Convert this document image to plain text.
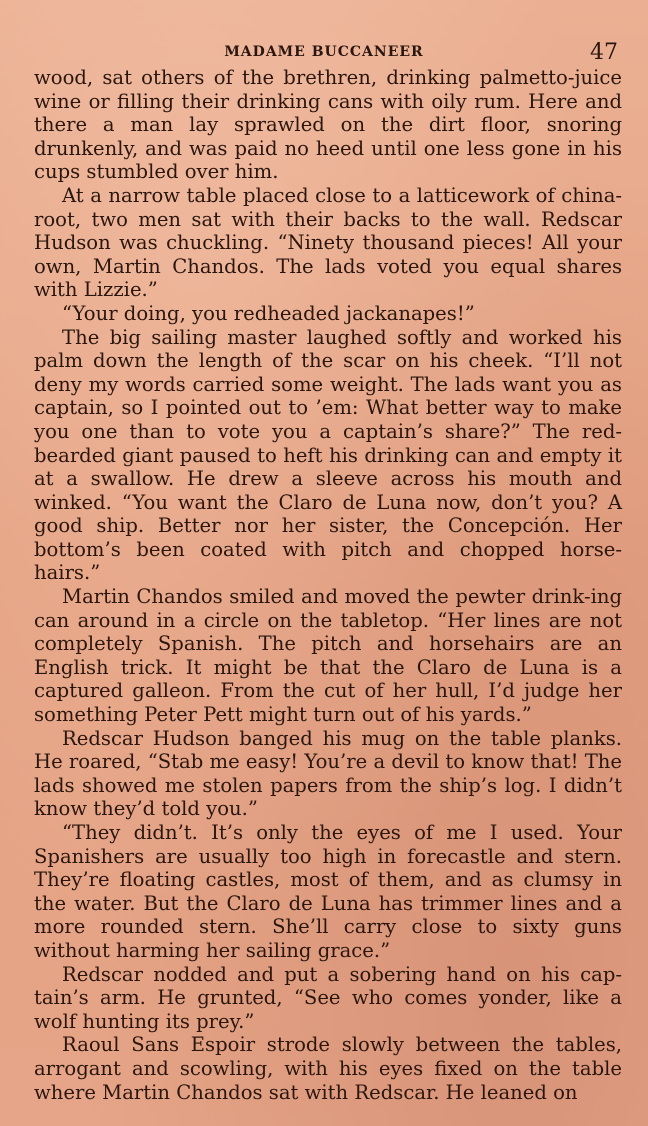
MADAME BUCCANEER	47

wood, sat others of the brethren, drinking palmetto-juice wine or filling their drinking cans with oily rum. Here and there a man lay sprawled on the dirt floor, snoring drunkenly, and was paid no heed until one less gone in his cups stumbled over him.

At a narrow table placed close to a latticework of china-root, two men sat with their backs to the wall. Redscar Hudson was chuckling. “Ninety thousand pieces! All your own, Martin Chandos. The lads voted you equal shares with Lizzie.”

“Your doing, you redheaded jackanapes!”

The big sailing master laughed softly and worked his palm down the length of the scar on his cheek. “I’ll not deny my words carried some weight. The lads want you as captain, so I pointed out to ’em: What better way to make you one than to vote you a captain’s share?” The red-bearded giant paused to heft his drinking can and empty it at a swallow. He drew a sleeve across his mouth and winked. “You want the Claro de Luna now, don’t you? A good ship. Better nor her sister, the Concepción. Her bottom’s been coated with pitch and chopped horse-hairs.”

Martin Chandos smiled and moved the pewter drink-ing can around in a circle on the tabletop. “Her lines are not completely Spanish. The pitch and horsehairs are an English trick. It might be that the Claro de Luna is a captured galleon. From the cut of her hull, I’d judge her something Peter Pett might turn out of his yards.”

Redscar Hudson banged his mug on the table planks. He roared, “Stab me easy! You’re a devil to know that! The lads showed me stolen papers from the ship’s log. I didn’t know they’d told you.”

“They didn’t. It’s only the eyes of me I used. Your Spanishers are usually too high in forecastle and stern. They’re floating castles, most of them, and as clumsy in the water. But the Claro de Luna has trimmer lines and a more rounded stern. She’ll carry close to sixty guns without harming her sailing grace.”

Redscar nodded and put a sobering hand on his cap-tain’s arm. He grunted, “See who comes yonder, like a wolf hunting its prey.”

Raoul Sans Espoir strode slowly between the tables, arrogant and scowling, with his eyes fixed on the table where Martin Chandos sat with Redscar. He leaned on
